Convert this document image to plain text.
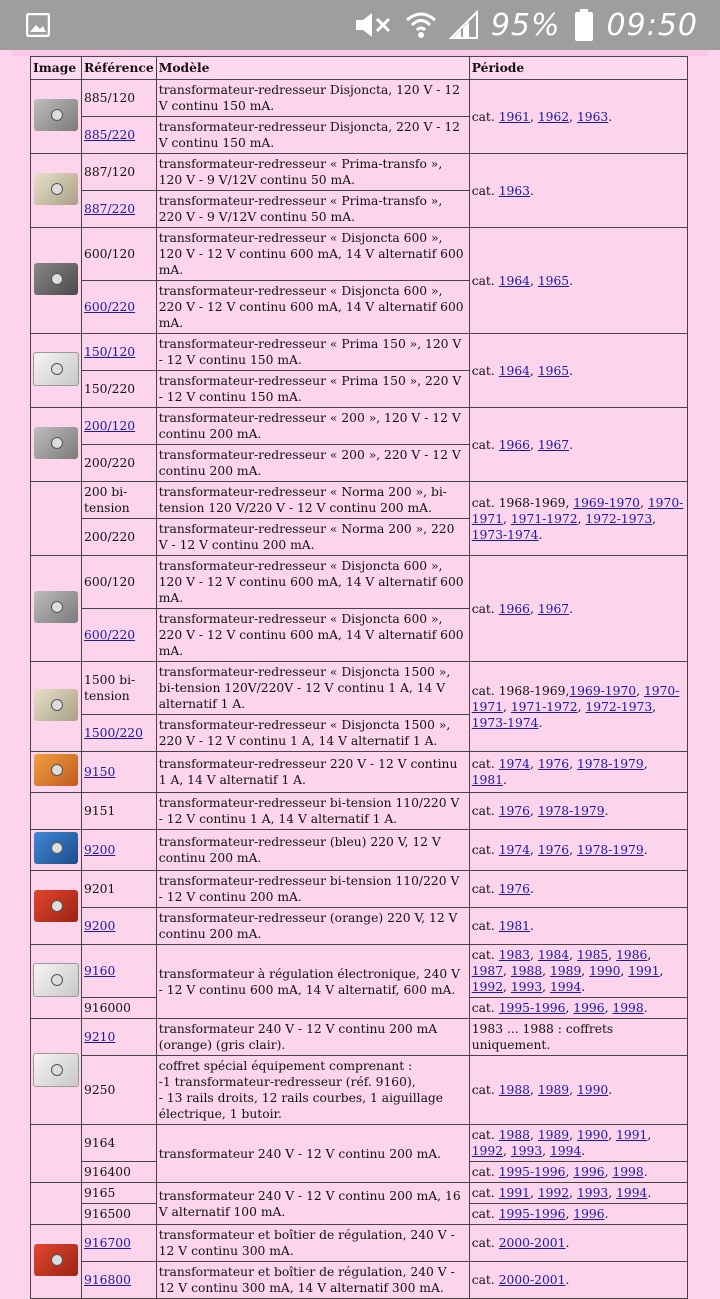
95% 09:50
Image	Référence	Modèle	Période

	885/120	transformateur-redresseur Disjoncta, 120 V - 12 V continu 150 mA.	cat. 1961, 1962, 1963.
	885/220	transformateur-redresseur Disjoncta, 220 V - 12 V continu 150 mA.	

	887/120	transformateur-redresseur « Prima-transfo », 120 V - 9 V/12V continu 50 mA.	cat. 1963.
	887/220	transformateur-redresseur « Prima-transfo », 220 V - 9 V/12V continu 50 mA.	

	600/120	transformateur-redresseur « Disjoncta 600 », 120 V - 12 V continu 600 mA, 14 V alternatif 600 mA.	cat. 1964, 1965.
	600/220	transformateur-redresseur « Disjoncta 600 », 220 V - 12 V continu 600 mA, 14 V alternatif 600 mA.	

	150/120	transformateur-redresseur « Prima 150 », 120 V - 12 V continu 150 mA.	cat. 1964, 1965.
	150/220	transformateur-redresseur « Prima 150 », 220 V - 12 V continu 150 mA.	

	200/120	transformateur-redresseur « 200 », 120 V - 12 V continu 200 mA.	cat. 1966, 1967.
	200/220	transformateur-redresseur « 200 », 220 V - 12 V continu 200 mA.	
	200 bi-tension	transformateur-redresseur « Norma 200 », bi-tension 120 V/220 V - 12 V continu 200 mA.	cat. 1968-1969, 1969-1970, 1970-1971, 1971-1972, 1972-1973, 1973-1974.
	200/220	transformateur-redresseur « Norma 200 », 220 V - 12 V continu 200 mA.	

	600/120	transformateur-redresseur « Disjoncta 600 », 120 V - 12 V continu 600 mA, 14 V alternatif 600 mA.	cat. 1966, 1967.
	600/220	transformateur-redresseur « Disjoncta 600 », 220 V - 12 V continu 600 mA, 14 V alternatif 600 mA.	

	1500 bi-tension	transformateur-redresseur « Disjoncta 1500 », bi-tension 120V/220V - 12 V continu 1 A, 14 V alternatif 1 A.	cat. 1968-1969,1969-1970, 1970-1971, 1971-1972, 1972-1973, 1973-1974.
	1500/220	transformateur-redresseur « Disjoncta 1500 », 220 V - 12 V continu 1 A, 14 V alternatif 1 A.	

	9150	transformateur-redresseur 220 V - 12 V continu 1 A, 14 V alternatif 1 A.	cat. 1974, 1976, 1978-1979, 1981.
	9151	transformateur-redresseur bi-tension 110/220 V - 12 V continu 1 A, 14 V alternatif 1 A.	cat. 1976, 1978-1979.

	9200	transformateur-redresseur (bleu) 220 V, 12 V continu 200 mA.	cat. 1974, 1976, 1978-1979.

	9201	transformateur-redresseur bi-tension 110/220 V - 12 V continu 200 mA.	cat. 1976.
	9200	transformateur-redresseur (orange) 220 V, 12 V continu 200 mA.	cat. 1981.

	9160	transformateur à régulation électronique, 240 V - 12 V continu 600 mA, 14 V alternatif, 600 mA.	cat. 1983, 1984, 1985, 1986, 1987, 1988, 1989, 1990, 1991, 1992, 1993, 1994.
	916000		cat. 1995-1996, 1996, 1998.

	9210	transformateur 240 V - 12 V continu 200 mA (orange) (gris clair).	1983 ... 1988 : coffrets uniquement.
	9250	coffret spécial équipement comprenant :
-1 transformateur-redresseur (réf. 9160),
- 13 rails droits, 12 rails courbes, 1 aiguillage électrique, 1 butoir.	cat. 1988, 1989, 1990.
	9164	transformateur 240 V - 12 V continu 200 mA.	cat. 1988, 1989, 1990, 1991, 1992, 1993, 1994.
	916400		cat. 1995-1996, 1996, 1998.
	9165	transformateur 240 V - 12 V continu 200 mA, 16 V alternatif 100 mA.	cat. 1991, 1992, 1993, 1994.
	916500		cat. 1995-1996, 1996.

	916700	transformateur et boîtier de régulation, 240 V - 12 V continu 300 mA.	cat. 2000-2001.
	916800	transformateur et boîtier de régulation, 240 V - 12 V continu 300 mA, 14 V alternatif 300 mA.	cat. 2000-2001.
